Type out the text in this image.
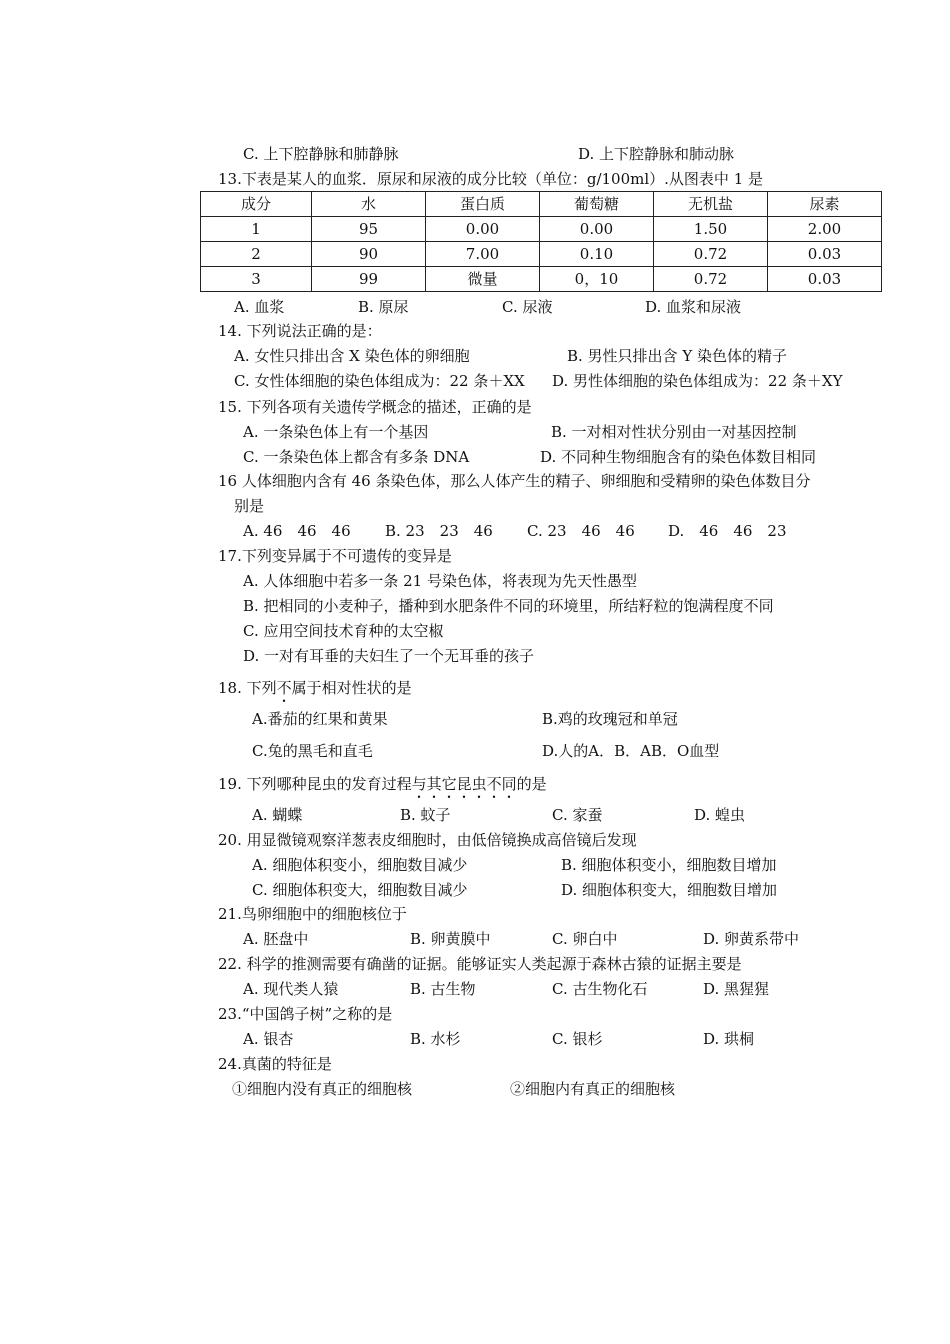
C. 上下腔静脉和肺静脉	D. 上下腔静脉和肺动脉
13.下表是某人的血浆．原尿和尿液的成分比较（单位：g/100ml）.从图表中 1 是
成分	水	蛋白质	葡萄糖	无机盐	尿素
1	95	0.00	0.00	1.50	2.00
2	90	7.00	0.10	0.72	0.03
3	99	微量	0，10	0.72	0.03
A. 血浆	B. 原尿	C. 尿液	D. 血浆和尿液
14. 下列说法正确的是：
A. 女性只排出含 X 染色体的卵细胞	B. 男性只排出含 Y 染色体的精子
C. 女性体细胞的染色体组成为：22 条＋XX D. 男性体细胞的染色体组成为：22 条＋XY
15. 下列各项有关遗传学概念的描述，正确的是
A. 一条染色体上有一个基因	B. 一对相对性状分别由一对基因控制
C. 一条染色体上都含有多条 DNA	D. 不同种生物细胞含有的染色体数目相同
16 人体细胞内含有 46 条染色体，那么人体产生的精子、卵细胞和受精卵的染色体数目分
别是
A. 46　46　46 B. 23　23　46 C. 23　46　46 D.　46　46　23
17.下列变异属于不可遗传的变异是
A. 人体细胞中若多一条 21 号染色体，将表现为先天性愚型
B. 把相同的小麦种子，播种到水肥条件不同的环境里，所结籽粒的饱满程度不同
C. 应用空间技术育种的太空椒
D. 一对有耳垂的夫妇生了一个无耳垂的孩子
18. 下列不属于相对性状的是
A.番茄的红果和黄果	B.鸡的玫瑰冠和单冠
C.兔的黑毛和直毛	D.人的A．B．AB．O血型
19. 下列哪种昆虫的发育过程与其它昆虫不同的是
A. 蝴蝶	B. 蚊子	C. 家蚕	D. 蝗虫
20. 用显微镜观察洋葱表皮细胞时，由低倍镜换成高倍镜后发现
A. 细胞体积变小，细胞数目减少	B. 细胞体积变小，细胞数目增加
C. 细胞体积变大，细胞数目减少	D. 细胞体积变大，细胞数目增加
21.鸟卵细胞中的细胞核位于
A. 胚盘中	B. 卵黄膜中	C. 卵白中	D. 卵黄系带中
22. 科学的推测需要有确凿的证据。能够证实人类起源于森林古猿的证据主要是
A. 现代类人猿	B. 古生物	C. 古生物化石	D. 黑猩猩
23.“中国鸽子树”之称的是
A. 银杏	B. 水杉	C. 银杉	D. 珙桐
24.真菌的特征是
①细胞内没有真正的细胞核	②细胞内有真正的细胞核
